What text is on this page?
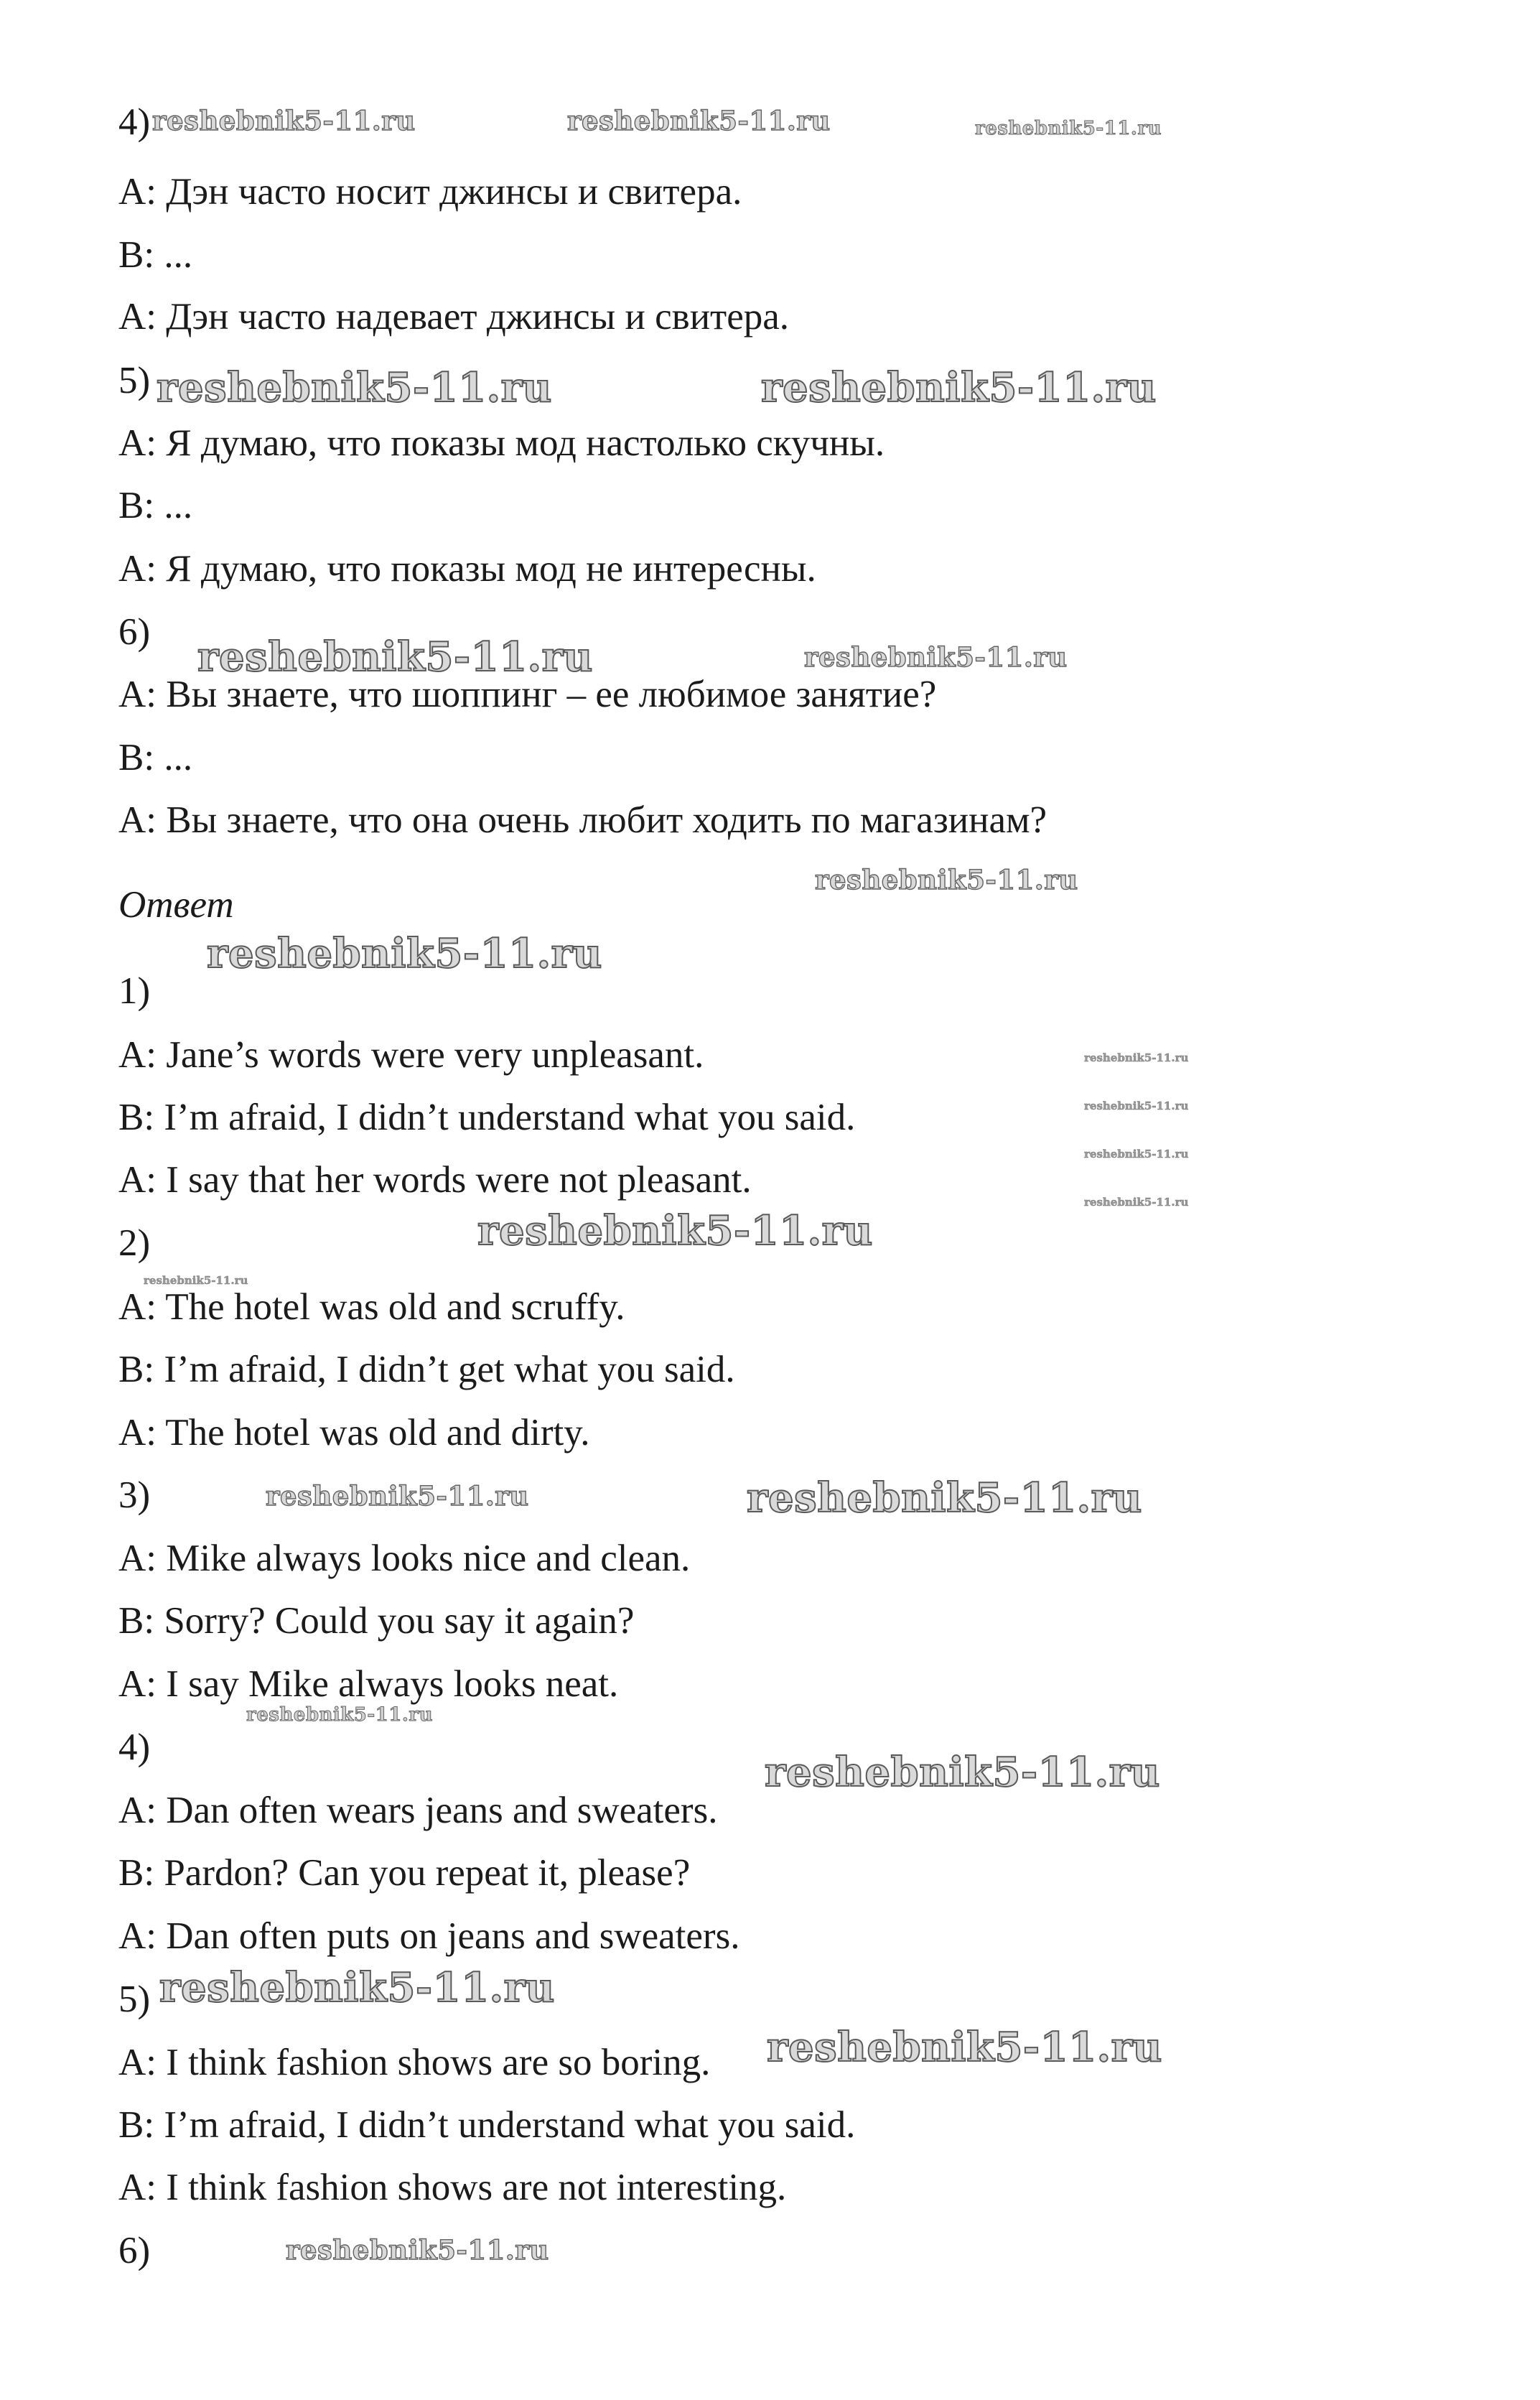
4)

A: Дэн часто носит джинсы и свитера.

B: ...

A: Дэн часто надевает джинсы и свитера.

5)

A: Я думаю, что показы мод настолько скучны.

B: ...

A: Я думаю, что показы мод не интересны.

6)

A: Вы знаете, что шоппинг – ее любимое занятие?

B: ...

A: Вы знаете, что она очень любит ходить по магазинам?

Ответ

1)

A: Jane’s words were very unpleasant.

B: I’m afraid, I didn’t understand what you said.

A: I say that her words were not pleasant.

2)

A: The hotel was old and scruffy.

B: I’m afraid, I didn’t get what you said.

A: The hotel was old and dirty.

3)

A: Mike always looks nice and clean.

B: Sorry? Could you say it again?

A: I say Mike always looks neat.

4)

A: Dan often wears jeans and sweaters.

B: Pardon? Can you repeat it, please?

A: Dan often puts on jeans and sweaters.

5)

A: I think fashion shows are so boring.

B: I’m afraid, I didn’t understand what you said.

A: I think fashion shows are not interesting.

6)

reshebnik5-11.ru	reshebnik5-11.ru	reshebnik5-11.ru
reshebnik5-11.ru	reshebnik5-11.ru
reshebnik5-11.ru	reshebnik5-11.ru
reshebnik5-11.ru
reshebnik5-11.ru
reshebnik5-11.ru
reshebnik5-11.ru
reshebnik5-11.ru
reshebnik5-11.ru
reshebnik5-11.ru
reshebnik5-11.ru
reshebnik5-11.ru	reshebnik5-11.ru
reshebnik5-11.ru
reshebnik5-11.ru
reshebnik5-11.ru
reshebnik5-11.ru
reshebnik5-11.ru
